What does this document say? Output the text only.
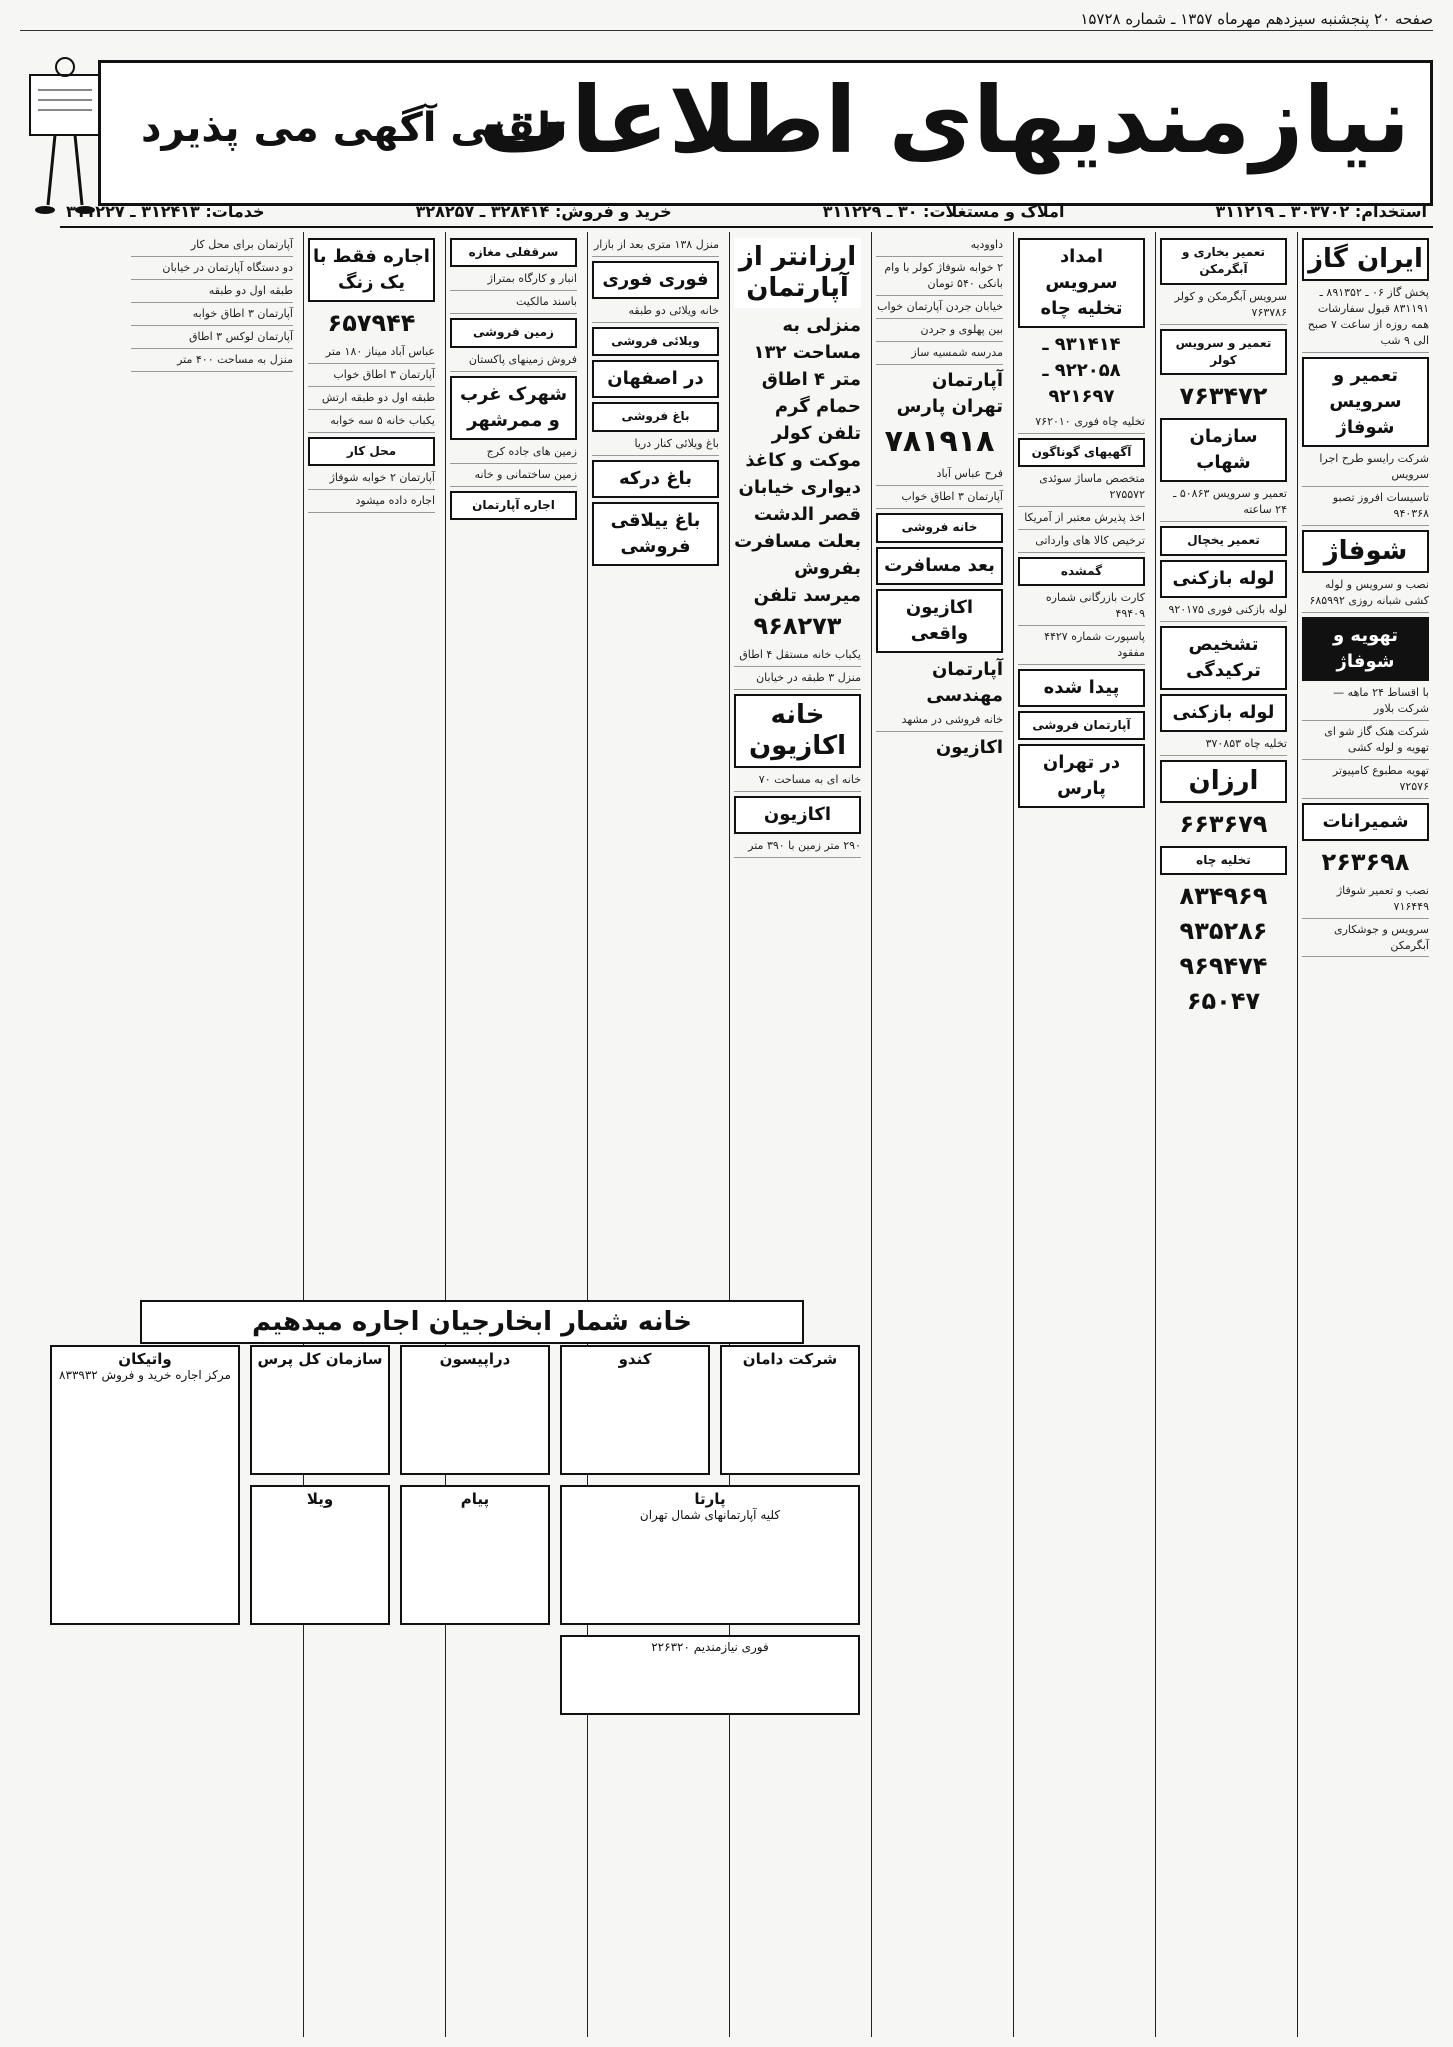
صفحه ۲۰ پنجشنبه سیزدهم مهرماه ۱۳۵۷ ـ شماره ۱۵۷۲۸
نیازمندیهای اطلاعات
تلفنی آگهی می پذیرد
استخدام: ۳۰۳۷۰۲ ـ ۳۱۱۲۱۹
املاک و مستغلات: ۳۰ ـ ۳۱۱۲۲۹
خرید و فروش: ۳۲۸۴۱۴ ـ ۳۲۸۲۵۷
خدمات: ۳۱۲۴۱۳ ـ ۳۱۱۲۲۷
ایران گاز
پخش گاز ۰۶ ـ ۸۹۱۳۵۲ ـ ۸۳۱۱۹۱ قبول سفارشات همه روزه از ساعت ۷ صبح الی ۹ شب
تعمیر و سرویس شوفاژ
شرکت رایسو طرح اجرا سرویس
تاسیسات افروز تصبو ۹۴۰۳۶۸
شوفاژ
نصب و سرویس و لوله کشی شبانه روزی ۶۸۵۹۹۲
تهویه و شوفاژ
با اقساط ۲۴ ماهه — شرکت بلاور
شرکت هنک گاز شو ای تهویه و لوله کشی
تهویه مطبوع کامپیوتر ۷۲۵۷۶
شمیرانات
۲۶۳۶۹۸
نصب و تعمیر شوفاژ ۷۱۶۴۴۹
سرویس و جوشکاری آبگرمکن
تعمیر بخاری و آبگرمکن
سرویس آبگرمکن و کولر ۷۶۳۷۸۶
تعمیر و سرویس کولر
۷۶۳۴۷۲
سازمان شهاب
تعمیر و سرویس ۵۰۸۶۳ ـ ۲۴ ساعته
تعمیر یخچال
لوله بازکنی
لوله بازکنی فوری ۹۲۰۱۷۵
تشخیص ترکیدگی
لوله بازکنی
تخلیه چاه ۳۷۰۸۵۳
ارزان
۶۶۳۶۷۹
تخلیه چاه
۸۳۴۹۶۹
۹۳۵۲۸۶
۹۶۹۴۷۴
۶۵۰۴۷
امداد سرویس تخلیه چاه
۹۳۱۴۱۴ ـ ۹۲۲۰۵۸ ـ ۹۲۱۶۹۷
تخلیه چاه فوری ۷۶۲۰۱۰
آگهیهای گوناگون
متخصص ماساژ سوئدی ۲۷۵۵۷۲
اخذ پذیرش معتبر از آمریکا
ترخیص کالا های وارداتی
گمشده
کارت بازرگانی شماره ۴۹۴۰۹
پاسپورت شماره ۴۴۲۷ مفقود
پیدا شده
آپارتمان فروشی
در تهران پارس
داوودیه
۲ خوابه شوفاژ کولر با وام بانکی ۵۴۰ تومان
خیابان جردن آپارتمان خواب
بین پهلوی و جردن
مدرسه شمسیه ساز
آپارتمان تهران پارس
۷۸۱۹۱۸
فرح عباس آباد
آپارتمان ۳ اطاق خواب
خانه فروشی
بعد مسافرت
اکازیون واقعی
آپارتمان مهندسی
خانه فروشی در مشهد
اکازیون
ارزانتر از آپارتمان
منزلی به مساحت ۱۳۲ متر ۴ اطاق حمام گرم تلفن کولر موکت و کاغذ دیواری خیابان قصر الدشت بعلت مسافرت بفروش میرسد تلفن
۹۶۸۲۷۳
یکباب خانه مستقل ۴ اطاق
منزل ۳ طبقه در خیابان
خانه اکازیون
خانه ای به مساحت ۷۰
اکازیون
۲۹۰ متر زمین با ۳۹۰ متر
منزل ۱۳۸ متری بعد از بازار
فوری فوری
خانه ویلائی دو طبقه
ویلائی فروشی
در اصفهان
باغ فروشی
باغ ویلائی کنار دریا
باغ درکه
باغ ییلاقی فروشی
سرقفلی مغازه
انبار و کارگاه بمتراژ
باسند مالکیت
زمین فروشی
فروش زمینهای پاکستان
شهرک غرب و ممرشهر
زمین های جاده کرج
زمین ساختمانی و خانه
اجاره آپارتمان
اجاره فقط با یک زنگ
۶۵۷۹۴۴
عباس آباد میناز ۱۸۰ متر
آپارتمان ۳ اطاق خواب
طبقه اول دو طبقه ارتش
یکباب خانه ۵ سه خوابه
محل کار
آپارتمان ۲ خوابه شوفاژ
اجاره داده میشود
آپارتمان برای محل کار
دو دستگاه آپارتمان در خیابان
طبقه اول دو طبقه
آپارتمان ۳ اطاق خوابه
آپارتمان لوکس ۳ اطاق
منزل به مساحت ۴۰۰ متر
خانه شمار ابخارجیان اجاره میدهیم
شرکت دامان
کندو
دراپیسون
سازمان کل پرس
پارتا
کلیه آپارتمانهای شمال تهران
پیام
ویلا
واتیکان
مرکز اجاره خرید و فروش ۸۳۳۹۳۲
فوری نیازمندیم ۲۲۶۳۲۰
